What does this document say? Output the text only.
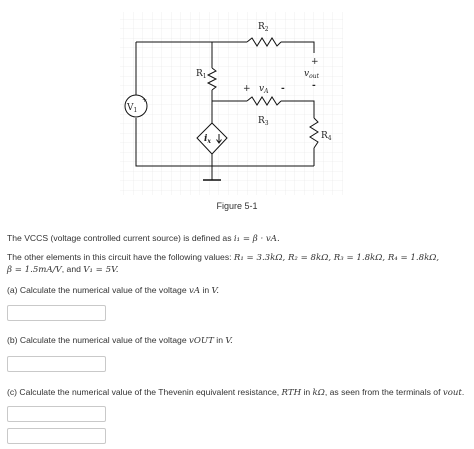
+
$V_1$
$i_x$
$R_2$
$R_1$
$R_3$
$R_4$
+ $v_A$ -
+
$v_{out}$
-
Figure 5-1
The VCCS (voltage controlled current source) is defined as i₁ = β · vA.
The other elements in this circuit have the following values: R₁ = 3.3kΩ, R₂ = 8kΩ, R₃ = 1.8kΩ, R₄ = 1.8kΩ,
β = 1.5mA/V, and V₁ = 5V.
(a) Calculate the numerical value of the voltage vA in V.
(b) Calculate the numerical value of the voltage vOUT in V.
(c) Calculate the numerical value of the Thevenin equivalent resistance, RTH in kΩ, as seen from the terminals of vout.
